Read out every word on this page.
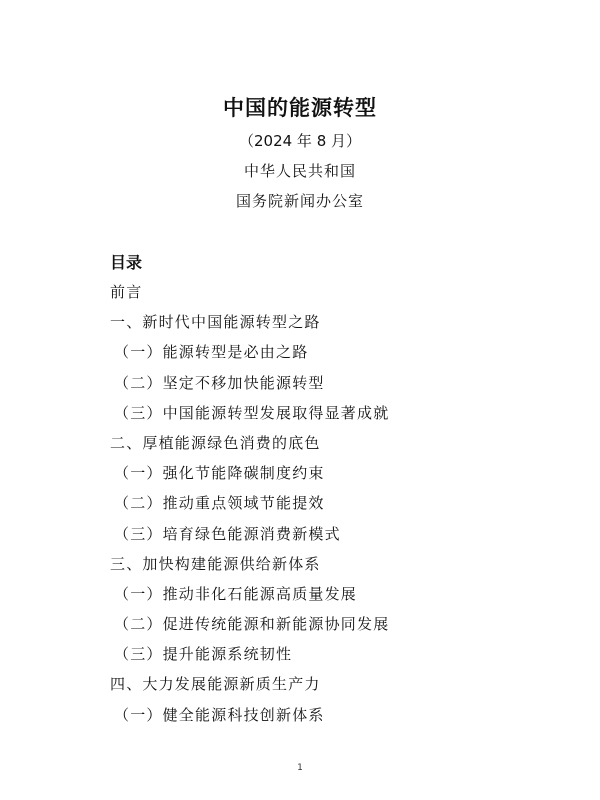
中国的能源转型
（2024 年 8 月）
中华人民共和国
国务院新闻办公室
目录
前言
一、新时代中国能源转型之路
（一）能源转型是必由之路
（二）坚定不移加快能源转型
（三）中国能源转型发展取得显著成就
二、厚植能源绿色消费的底色
（一）强化节能降碳制度约束
（二）推动重点领域节能提效
（三）培育绿色能源消费新模式
三、加快构建能源供给新体系
（一）推动非化石能源高质量发展
（二）促进传统能源和新能源协同发展
（三）提升能源系统韧性
四、大力发展能源新质生产力
（一）健全能源科技创新体系
1
